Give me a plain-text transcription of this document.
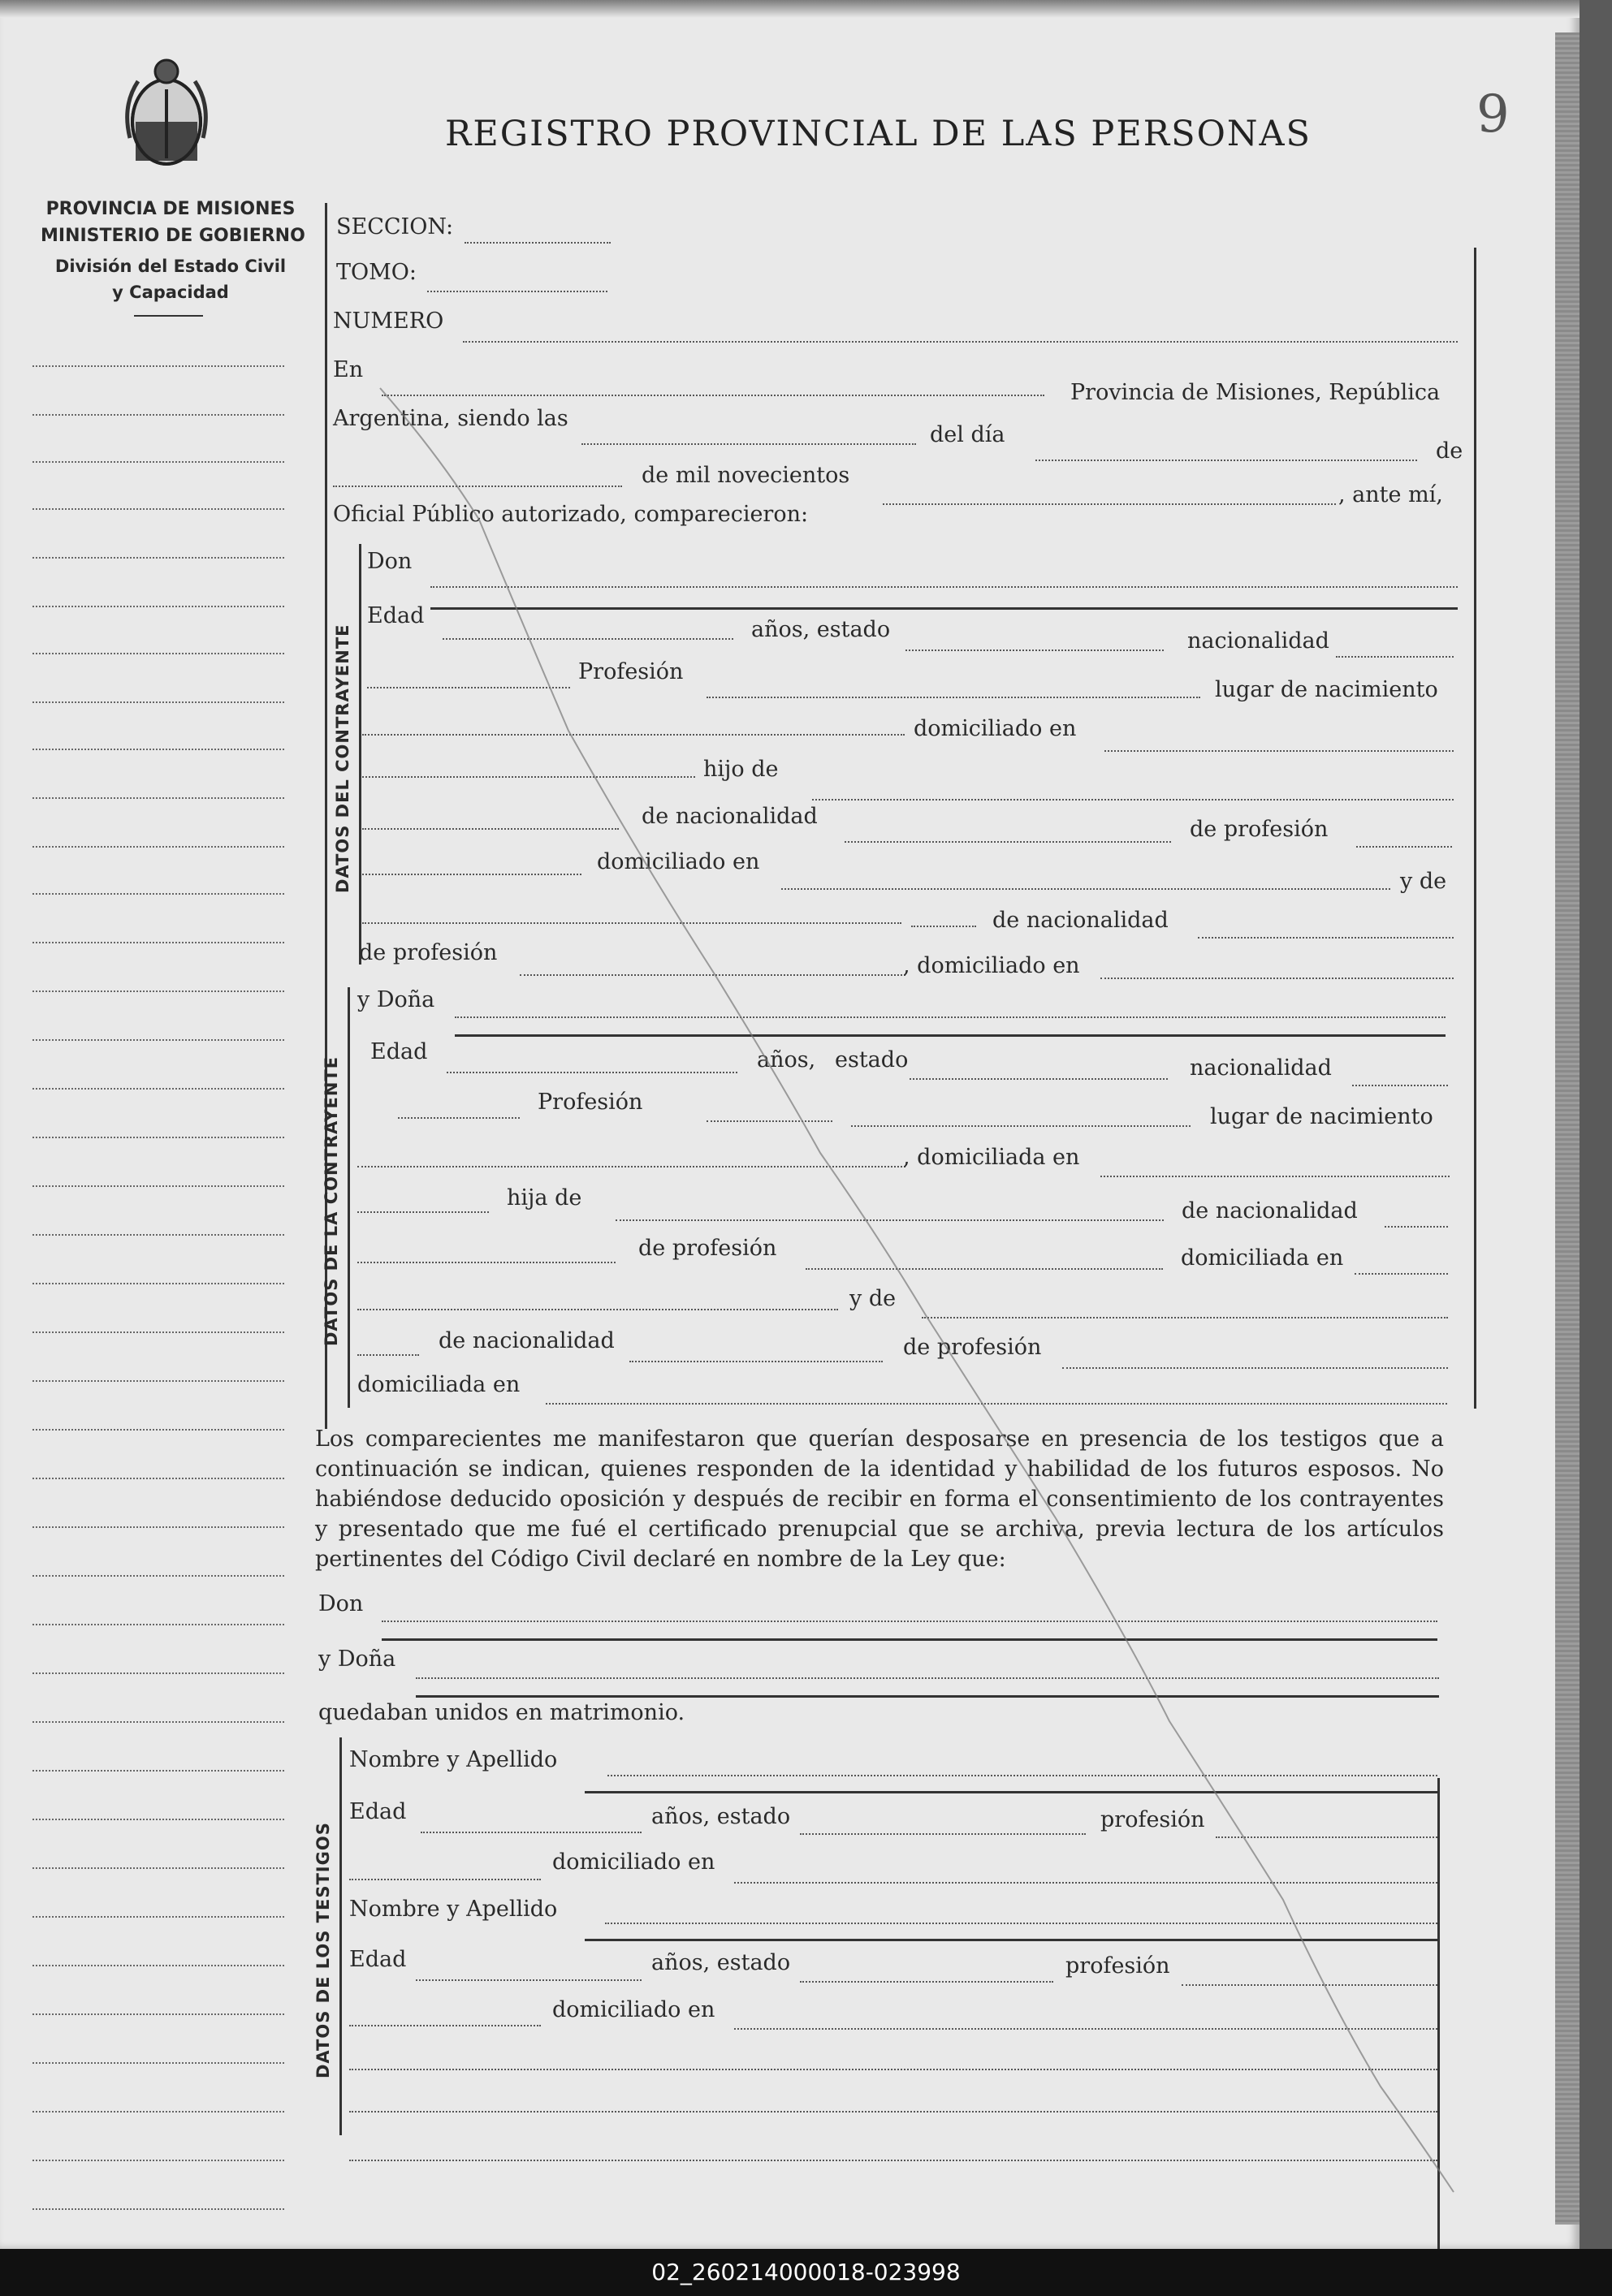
REGISTRO PROVINCIAL DE LAS PERSONAS	9
PROVINCIA DE MISIONES
MINISTERIO DE GOBIERNO
División del Estado Civil
y Capacidad
SECCION:
TOMO:
NUMERO
En
Provincia de Misiones, República
Argentina, siendo las
del día
de
de mil novecientos
, ante mí,
Oficial Público autorizado, comparecieron:
DATOS DEL CONTRAYENTE
Don
Edad
años, estado	nacionalidad
Profesión
lugar de nacimiento
domiciliado en
hijo de
de nacionalidad
de profesión
domiciliado en
y de
de nacionalidad
de profesión
, domiciliado en
DATOS DE LA CONTRAYENTE
y Doña
Edad	años, estado	nacionalidad
Profesión
lugar de nacimiento
, domiciliada en
hija de
de nacionalidad
de profesión	domiciliada en
y de
de nacionalidad	de profesión
domiciliada en
Los comparecientes me manifestaron que querían desposarse en presencia de los testigos que a continuación se indican, quienes responden de la identidad y habilidad de los futuros esposos. No habiéndose deducido oposición y después de recibir en forma el consentimiento de los contrayentes y presentado que me fué el certificado prenupcial que se archiva, previa lectura de los artículos pertinentes del Código Civil declaré en nombre de la Ley que:
Don
y Doña
quedaban unidos en matrimonio.
DATOS DE LOS TESTIGOS
Nombre y Apellido
Edad	años, estado	profesión
domiciliado en
Nombre y Apellido
Edad	años, estado	profesión
domiciliado en
02_260214000018-023998
